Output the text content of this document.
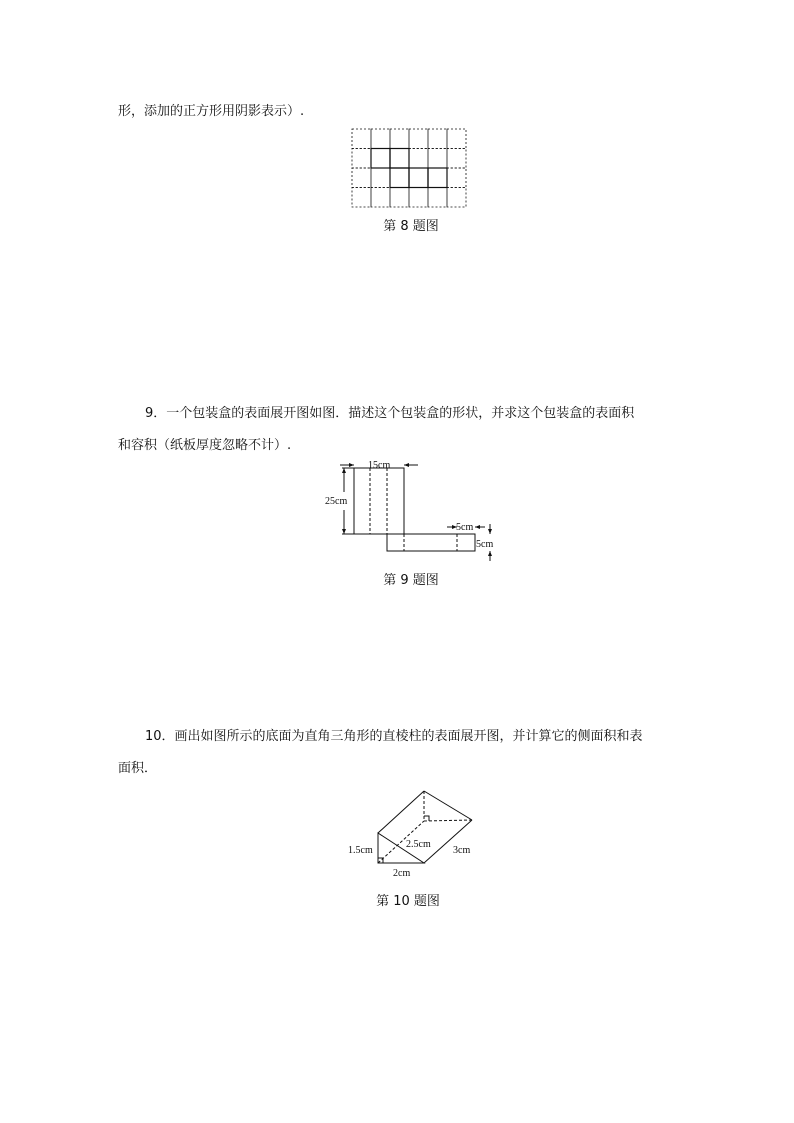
形，添加的正方形用阴影表示）.
第 8 题图
9．一个包装盒的表面展开图如图．描述这个包装盒的形状，并求这个包装盒的表面积
和容积（纸板厚度忽略不计）.
15cm
25cm
5cm
5cm
第 9 题图
10．画出如图所示的底面为直角三角形的直棱柱的表面展开图，并计算它的侧面积和表
面积．
1.5cm
2cm
2.5cm
3cm
第 10 题图
